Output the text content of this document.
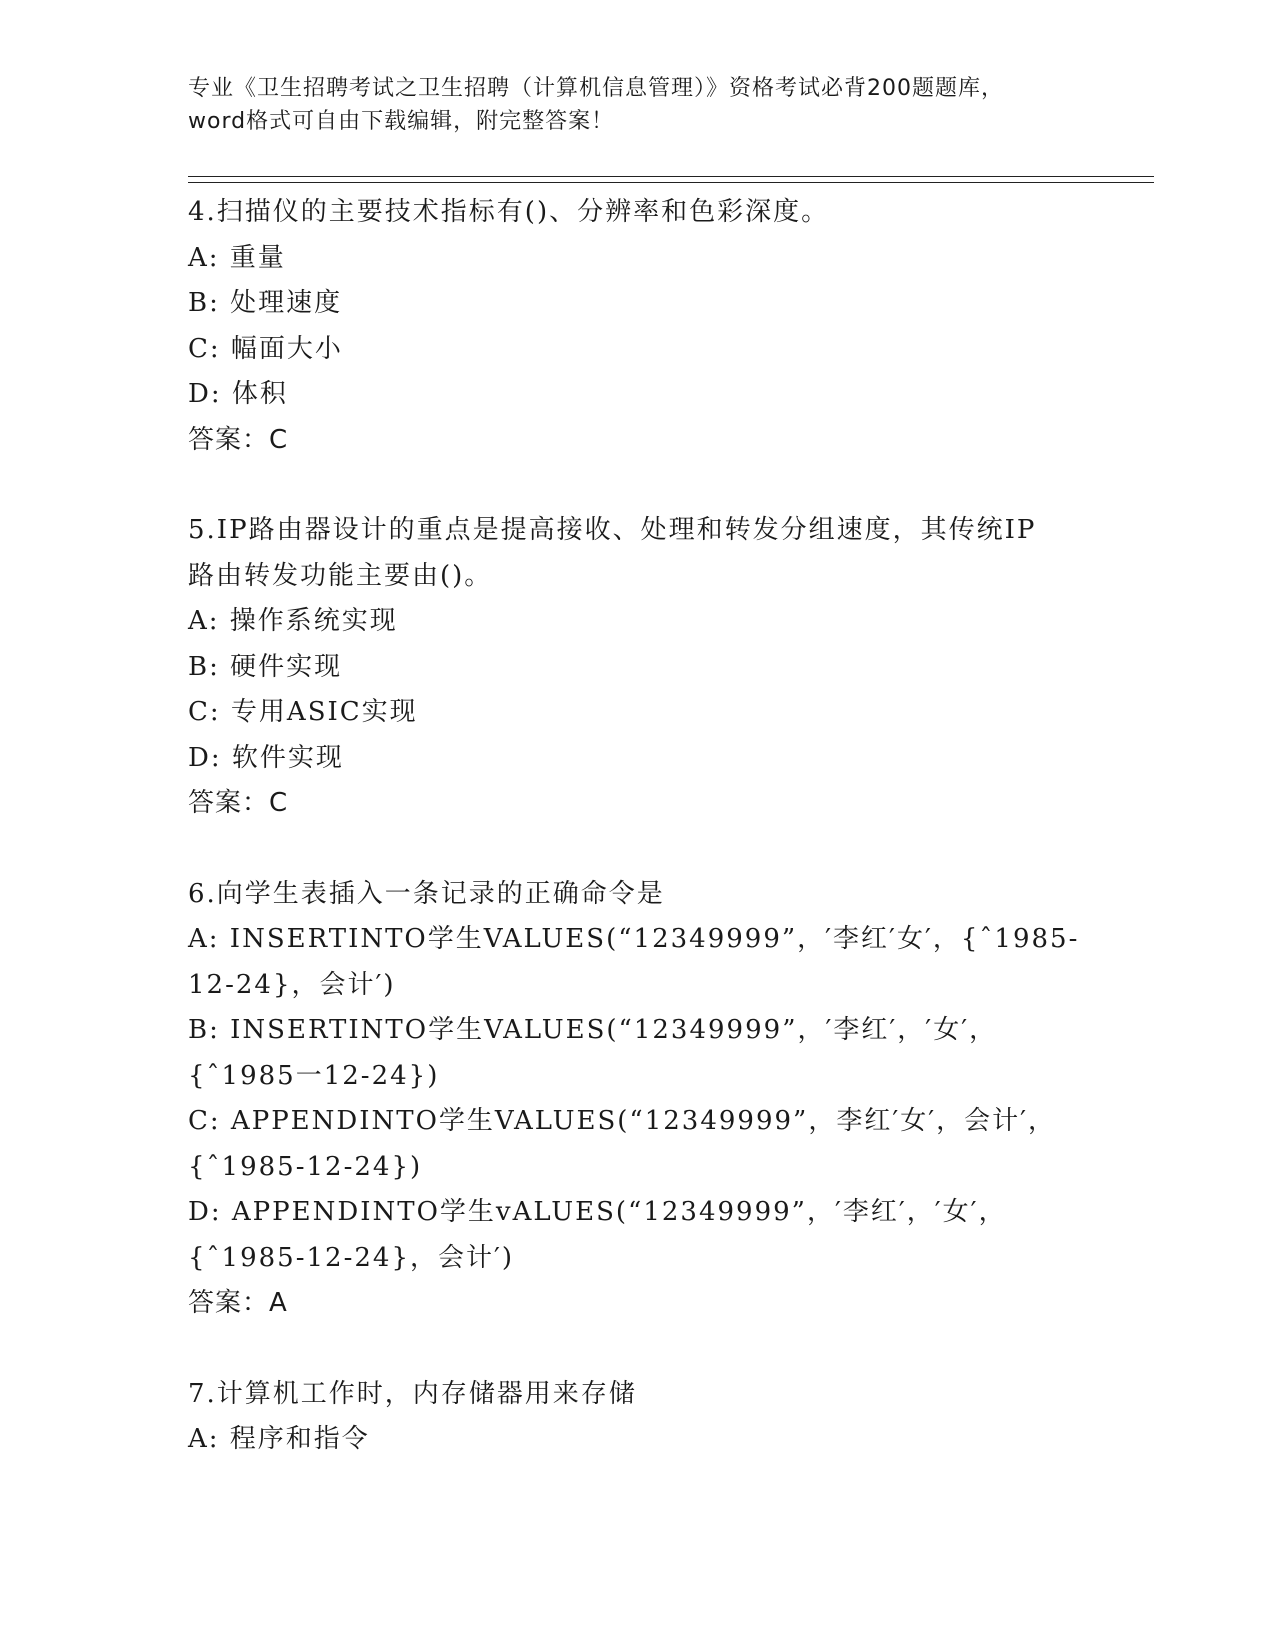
专业《卫生招聘考试之卫生招聘（计算机信息管理）》资格考试必背200题题库，
word格式可自由下载编辑，附完整答案！
4.扫描仪的主要技术指标有()、分辨率和色彩深度。
A: 重量
B: 处理速度
C: 幅面大小
D: 体积
答案：C
5.IP路由器设计的重点是提高接收、处理和转发分组速度，其传统IP
路由转发功能主要由()。
A: 操作系统实现
B: 硬件实现
C: 专用ASIC实现
D: 软件实现
答案：C
6.向学生表插入一条记录的正确命令是
A: INSERTINTO学生VALUES(“12349999”，′李红′女′，{ˆ1985-
12-24}，会计′)
B: INSERTINTO学生VALUES(“12349999”，′李红′，′女′，
{ˆ1985一12-24})
C: APPENDINTO学生VALUES(“12349999”，李红′女′，会计′，
{ˆ1985-12-24})
D: APPENDINTO学生vALUES(“12349999”，′李红′，′女′，
{ˆ1985-12-24}，会计′)
答案：A
7.计算机工作时，内存储器用来存储
A: 程序和指令
